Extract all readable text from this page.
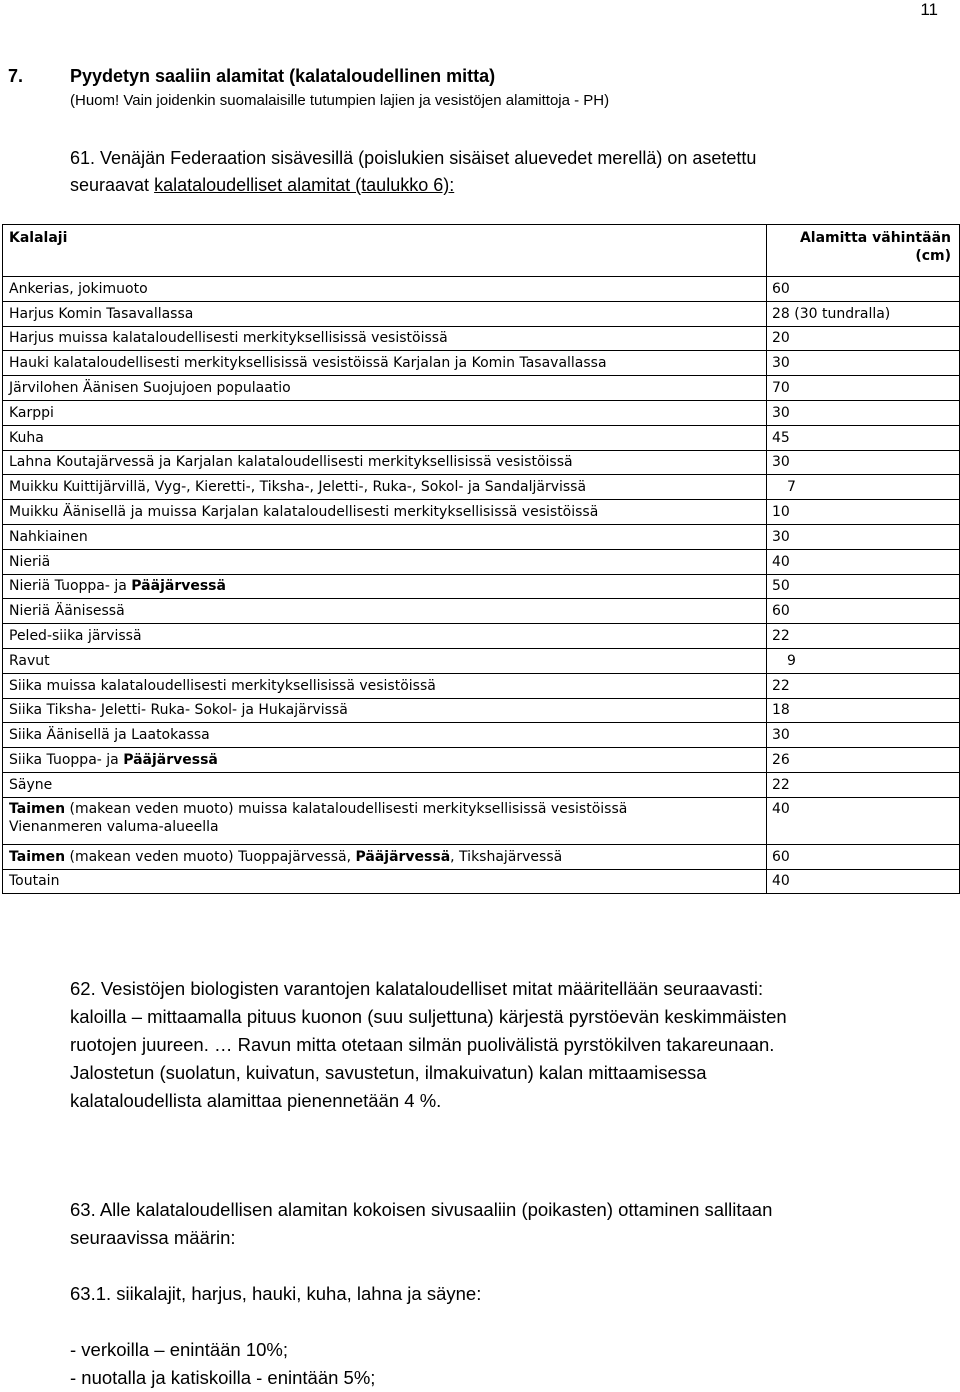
11
7.	Pyydetyn saaliin alamitat (kalataloudellinen mitta)
(Huom! Vain joidenkin suomalaisille tutumpien lajien ja vesistöjen alamittoja - PH)
61. Venäjän Federaation sisävesillä (poislukien sisäiset aluevedet merellä) on asetettu
seuraavat kalataloudelliset alamitat (taulukko 6):
Kalalaji	Alamitta vähintään
(cm)

Ankerias, jokimuoto	60
Harjus Komin Tasavallassa	28 (30 tundralla)
Harjus muissa kalataloudellisesti merkityksellisissä vesistöissä	20
Hauki kalataloudellisesti merkityksellisissä vesistöissä Karjalan ja Komin Tasavallassa	30
Järvilohen Äänisen Suojujoen populaatio	70
Karppi	30
Kuha	45
Lahna Koutajärvessä ja Karjalan kalataloudellisesti merkityksellisissä vesistöissä	30
Muikku Kuittijärvillä, Vyg-, Kieretti-, Tiksha-, Jeletti-, Ruka-, Sokol- ja Sandaljärvissä	7
Muikku Äänisellä ja muissa Karjalan kalataloudellisesti merkityksellisissä vesistöissä	10
Nahkiainen	30
Nieriä	40
Nieriä Tuoppa- ja Pääjärvessä	50
Nieriä Äänisessä	60
Peled-siika järvissä	22
Ravut	9
Siika muissa kalataloudellisesti merkityksellisissä vesistöissä	22
Siika Tiksha- Jeletti- Ruka- Sokol- ja Hukajärvissä	18
Siika Äänisellä ja Laatokassa	30
Siika Tuoppa- ja Pääjärvessä	26
Säyne	22
Taimen (makean veden muoto) muissa kalataloudellisesti merkityksellisissä vesistöissä
Vienanmeren valuma-alueella	40
Taimen (makean veden muoto) Tuoppajärvessä, Pääjärvessä, Tikshajärvessä	60
Toutain	40
62. Vesistöjen biologisten varantojen kalataloudelliset mitat määritellään seuraavasti:
kaloilla – mittaamalla pituus kuonon (suu suljettuna) kärjestä pyrstöevän keskimmäisten
ruotojen juureen. … Ravun mitta otetaan silmän puolivälistä pyrstökilven takareunaan.
Jalostetun (suolatun, kuivatun, savustetun, ilmakuivatun) kalan mittaamisessa
kalataloudellista alamittaa pienennetään 4 %.
63. Alle kalataloudellisen alamitan kokoisen sivusaaliin (poikasten) ottaminen sallitaan
seuraavissa määrin:
63.1. siikalajit, harjus, hauki, kuha, lahna ja säyne:
- verkoilla – enintään 10%;
- nuotalla ja katiskoilla - enintään 5%;
